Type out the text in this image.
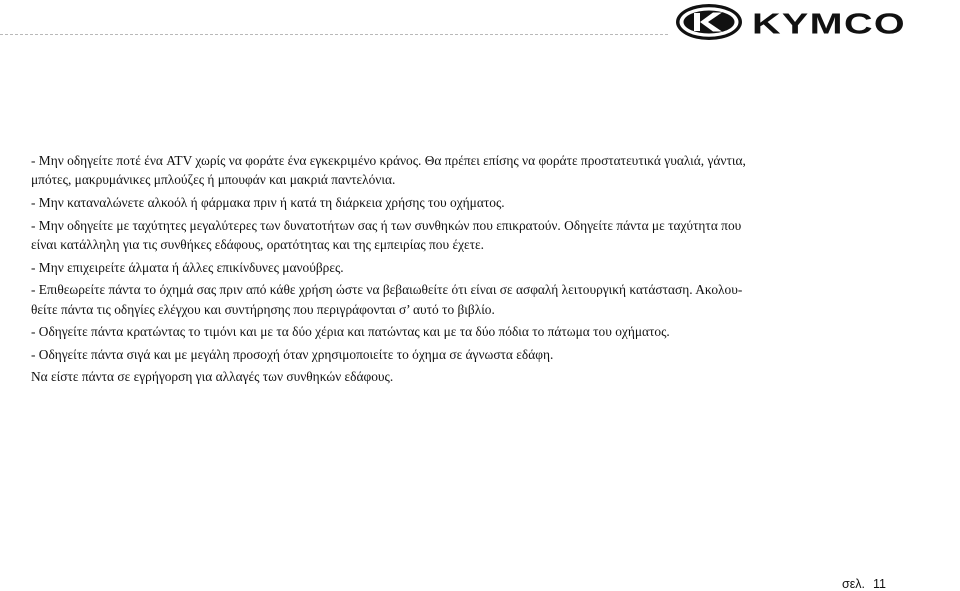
KYMCO

- Μην οδηγείτε ποτέ ένα ATV χωρίς να φοράτε ένα εγκεκριμένο κράνος. Θα πρέπει επίσης να φοράτε προστατευτικά γυαλιά, γάντια,

μπότες, μακρυμάνικες μπλούζες ή μπουφάν και μακριά παντελόνια.

- Μην καταναλώνετε αλκοόλ ή φάρμακα πριν ή κατά τη διάρκεια χρήσης του οχήματος.

- Μην οδηγείτε με ταχύτητες μεγαλύτερες των δυνατοτήτων σας ή των συνθηκών που επικρατούν. Οδηγείτε πάντα με ταχύτητα που

είναι κατάλληλη για τις συνθήκες εδάφους, ορατότητας και της εμπειρίας που έχετε.

- Μην επιχειρείτε άλματα ή άλλες επικίνδυνες μανούβρες.

- Επιθεωρείτε πάντα το όχημά σας πριν από κάθε χρήση ώστε να βεβαιωθείτε ότι είναι σε ασφαλή λειτουργική κατάσταση. Ακολου-

θείτε πάντα τις οδηγίες ελέγχου και συντήρησης που περιγράφονται σ’ αυτό το βιβλίο.

- Οδηγείτε πάντα κρατώντας το τιμόνι και με τα δύο χέρια και πατώντας και με τα δύο πόδια το πάτωμα του οχήματος.

- Οδηγείτε πάντα σιγά και με μεγάλη προσοχή όταν χρησιμοποιείτε το όχημα σε άγνωστα εδάφη.

Να είστε πάντα σε εγρήγορση για αλλαγές των συνθηκών εδάφους.

σελ. 11
